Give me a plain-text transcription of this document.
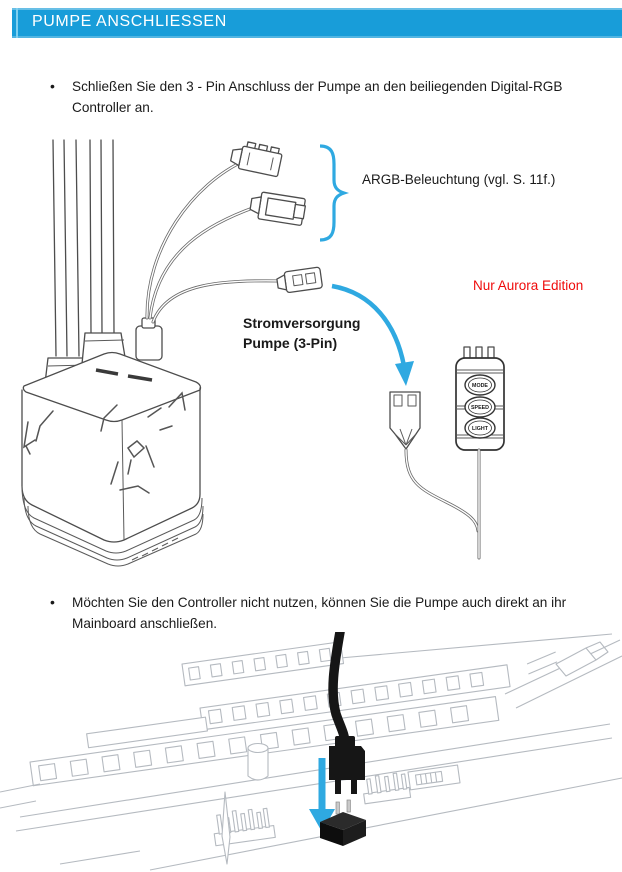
PUMPE ANSCHLIESSEN
•	Schließen Sie den 3 - Pin Anschluss der Pumpe an den beiliegenden Digital-RGB Controller an.
MODE
SPEED
LIGHT
ARGB-Beleuchtung (vgl. S. 11f.)
Nur Aurora Edition
Stromversorgung
Pumpe (3-Pin)
•	Möchten Sie den Controller nicht nutzen, können Sie die Pumpe auch direkt an ihr Mainboard anschließen.
